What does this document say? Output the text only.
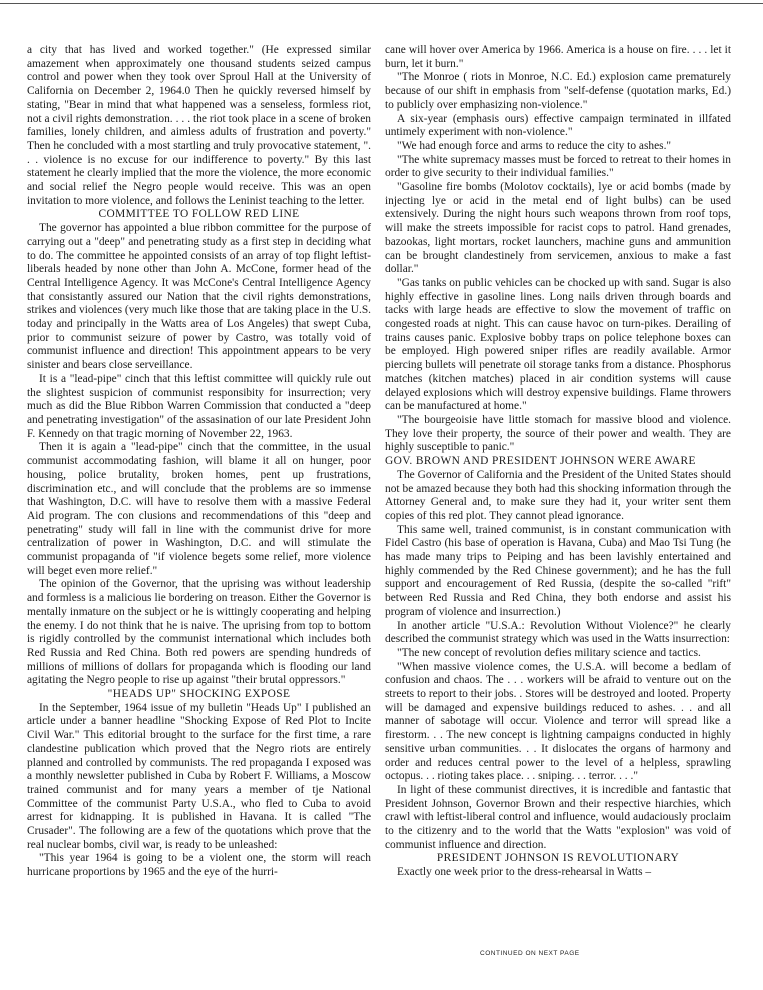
a city that has lived and worked together." (He expressed similar amazement when approximately one thousand students seized campus control and power when they took over Sproul Hall at the University of California on December 2, 1964.0 Then he quickly reversed himself by stating, "Bear in mind that what happened was a senseless, formless riot, not a civil rights demonstration. . . . the riot took place in a scene of broken families, lonely children, and aimless adults of frustration and poverty." Then he concluded with a most startling and truly provocative statement, ". . . violence is no excuse for our indifference to poverty." By this last statement he clearly implied that the more the violence, the more economic and social relief the Negro people would receive. This was an open invitation to more violence, and follows the Leninist teaching to the letter.

COMMITTEE TO FOLLOW RED LINE

The governor has appointed a blue ribbon committee for the purpose of carrying out a "deep" and penetrating study as a first step in deciding what to do. The committee he appointed consists of an array of top flight leftist-liberals headed by none other than John A. McCone, former head of the Central Intelligence Agency. It was McCone's Central Intelligence Agency that consistantly assured our Nation that the civil rights demonstrations, strikes and violences (very much like those that are taking place in the U.S. today and principally in the Watts area of Los Angeles) that swept Cuba, prior to communist seizure of power by Castro, was totally void of communist influence and direction! This appointment appears to be very sinister and bears close serveillance.

It is a "lead-pipe" cinch that this leftist committee will quickly rule out the slightest suspicion of communist responsibity for insurrection; very much as did the Blue Ribbon Warren Commission that conducted a "deep and penetrating investigation" of the assasination of our late President John F. Kennedy on that tragic morning of November 22, 1963.

Then it is again a "lead-pipe" cinch that the committee, in the usual communist accommodating fashion, will blame it all on hunger, poor housing, police brutality, broken homes, pent up frustrations, discrimination etc., and will conclude that the problems are so immense that Washington, D.C. will have to resolve them with a massive Federal Aid program. The con clusions and recommendations of this "deep and penetrating" study will fall in line with the communist drive for more centralization of power in Washington, D.C. and will stimulate the communist propaganda of "if violence begets some relief, more violence will beget even more relief."

The opinion of the Governor, that the uprising was without leadership and formless is a malicious lie bordering on treason. Either the Governor is mentally inmature on the subject or he is wittingly cooperating and helping the enemy. I do not think that he is naive. The uprising from top to bottom is rigidly controlled by the communist international which includes both Red Russia and Red China. Both red powers are spending hundreds of millions of millions of dollars for propaganda which is flooding our land agitating the Negro people to rise up against "their brutal oppressors."

"HEADS UP" SHOCKING EXPOSE

In the September, 1964 issue of my bulletin "Heads Up" I published an article under a banner headline "Shocking Expose of Red Plot to Incite Civil War." This editorial brought to the surface for the first time, a rare clandestine publication which proved that the Negro riots are entirely planned and controlled by communists. The red propaganda I exposed was a monthly newsletter published in Cuba by Robert F. Williams, a Moscow trained communist and for many years a member of tje National Committee of the communist Party U.S.A., who fled to Cuba to avoid arrest for kidnapping. It is published in Havana. It is called "The Crusader". The following are a few of the quotations which prove that the real nuclear bombs, civil war, is ready to be unleashed:

"This year 1964 is going to be a violent one, the storm will reach hurricane proportions by 1965 and the eye of the hurri-

cane will hover over America by 1966. America is a house on fire. . . . let it burn, let it burn."

"The Monroe ( riots in Monroe, N.C. Ed.) explosion came prematurely because of our shift in emphasis from "self-defense (quotation marks, Ed.) to publicly over emphasizing non-violence."

A six-year (emphasis ours) effective campaign terminated in illfated untimely experiment with non-violence."

"We had enough force and arms to reduce the city to ashes."

"The white supremacy masses must be forced to retreat to their homes in order to give security to their individual families."

"Gasoline fire bombs (Molotov cocktails), lye or acid bombs (made by injecting lye or acid in the metal end of light bulbs) can be used extensively. During the night hours such weapons thrown from roof tops, will make the streets impossible for racist cops to patrol. Hand grenades, bazookas, light mortars, rocket launchers, machine guns and ammunition can be brought clandestinely from servicemen, anxious to make a fast dollar."

"Gas tanks on public vehicles can be chocked up with sand. Sugar is also highly effective in gasoline lines. Long nails driven through boards and tacks with large heads are effective to slow the movement of traffic on congested roads at night. This can cause havoc on turn-pikes. Derailing of trains causes panic. Explosive bobby traps on police telephone boxes can be employed. High powered sniper rifles are readily available. Armor piercing bullets will penetrate oil storage tanks from a distance. Phosphorus matches (kitchen matches) placed in air condition systems will cause delayed explosions which will destroy expensive buildings. Flame throwers can be manufactured at home."

"The bourgeoisie have little stomach for massive blood and violence. They love their property, the source of their power and wealth. They are highly susceptible to panic."

GOV. BROWN AND PRESIDENT JOHNSON WERE AWARE

The Governor of California and the President of the United States should not be amazed because they both had this shocking information through the Attorney General and, to make sure they had it, your writer sent them copies of this red plot. They cannot plead ignorance.

This same well, trained communist, is in constant communication with Fidel Castro (his base of operation is Havana, Cuba) and Mao Tsi Tung (he has made many trips to Peiping and has been lavishly entertained and highly commended by the Red Chinese government); and he has the full support and encouragement of Red Russia, (despite the so-called "rift" between Red Russia and Red China, they both endorse and assist his program of violence and insurrection.)

In another article "U.S.A.: Revolution Without Violence?" he clearly described the communist strategy which was used in the Watts insurrection:

"The new concept of revolution defies military science and tactics.

"When massive violence comes, the U.S.A. will become a bedlam of confusion and chaos. The . . . workers will be afraid to venture out on the streets to report to their jobs. . Stores will be destroyed and looted. Property will be damaged and expensive buildings reduced to ashes. . . and all manner of sabotage will occur. Violence and terror will spread like a firestorm. . . The new concept is lightning campaigns conducted in highly sensitive urban communities. . . It dislocates the organs of harmony and order and reduces central power to the level of a helpless, sprawling octopus. . . rioting takes place. . . sniping. . . terror. . . ."

In light of these communist directives, it is incredible and fantastic that President Johnson, Governor Brown and their respective hiarchies, which crawl with leftist-liberal control and influence, would audaciously proclaim to the citizenry and to the world that the Watts "explosion" was void of communist influence and direction.

PRESIDENT JOHNSON IS REVOLUTIONARY

Exactly one week prior to the dress-rehearsal in Watts –

CONTINUED ON NEXT PAGE
